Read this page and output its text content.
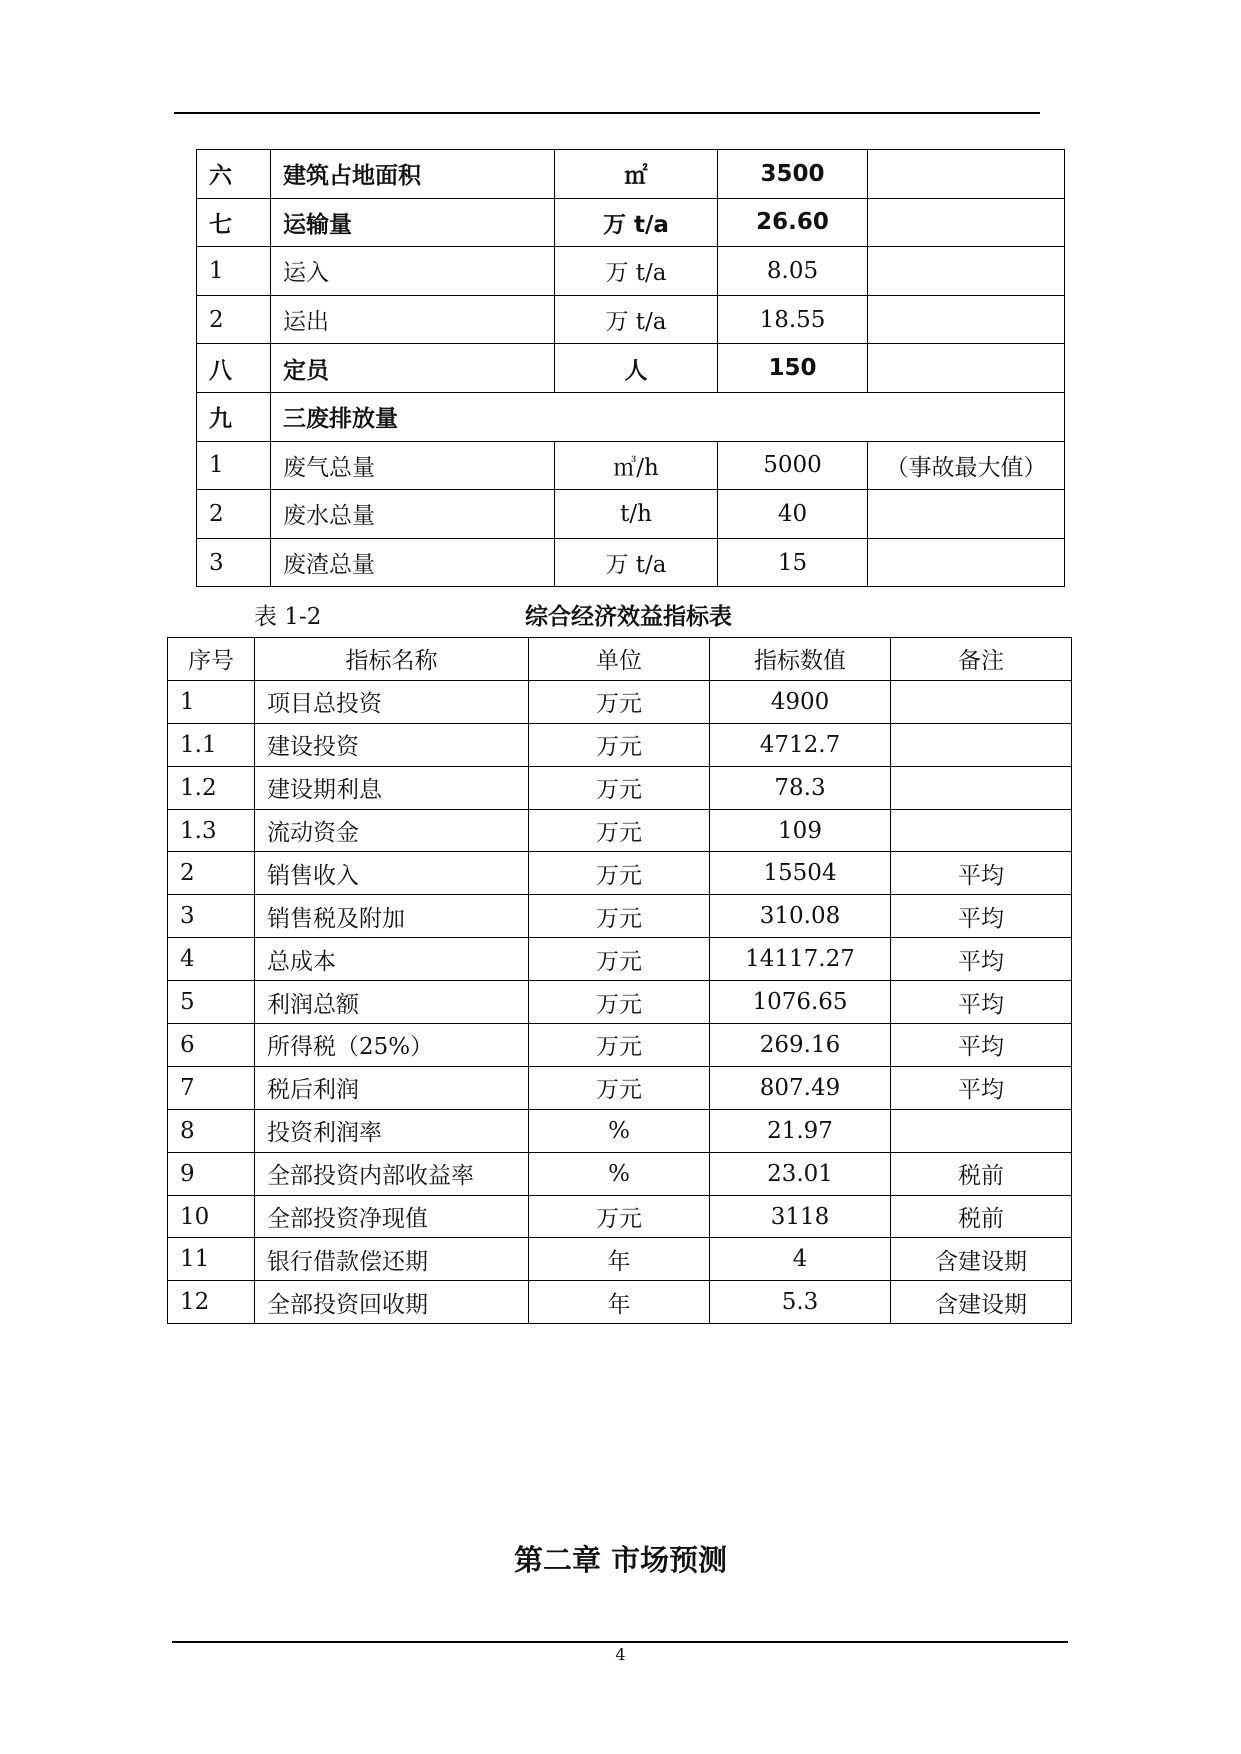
六	建筑占地面积	㎡	3500	
七	运输量	万 t/a	26.60	
1	运入	万 t/a	8.05	
2	运出	万 t/a	18.55	
八	定员	人	150	
九	三废排放量			
1	废气总量	㎥/h	5000	（事故最大值）
2	废水总量	t/h	40	
3	废渣总量	万 t/a	15	
表 1-2	综合经济效益指标表
序号	指标名称	单位	指标数值	备注
1	项目总投资	万元	4900	
1.1	建设投资	万元	4712.7	
1.2	建设期利息	万元	78.3	
1.3	流动资金	万元	109	
2	销售收入	万元	15504	平均
3	销售税及附加	万元	310.08	平均
4	总成本	万元	14117.27	平均
5	利润总额	万元	1076.65	平均
6	所得税（25%）	万元	269.16	平均
7	税后利润	万元	807.49	平均
8	投资利润率	%	21.97	
9	全部投资内部收益率	%	23.01	税前
10	全部投资净现值	万元	3118	税前
11	银行借款偿还期	年	4	含建设期
12	全部投资回收期	年	5.3	含建设期
第二章 市场预测
4
